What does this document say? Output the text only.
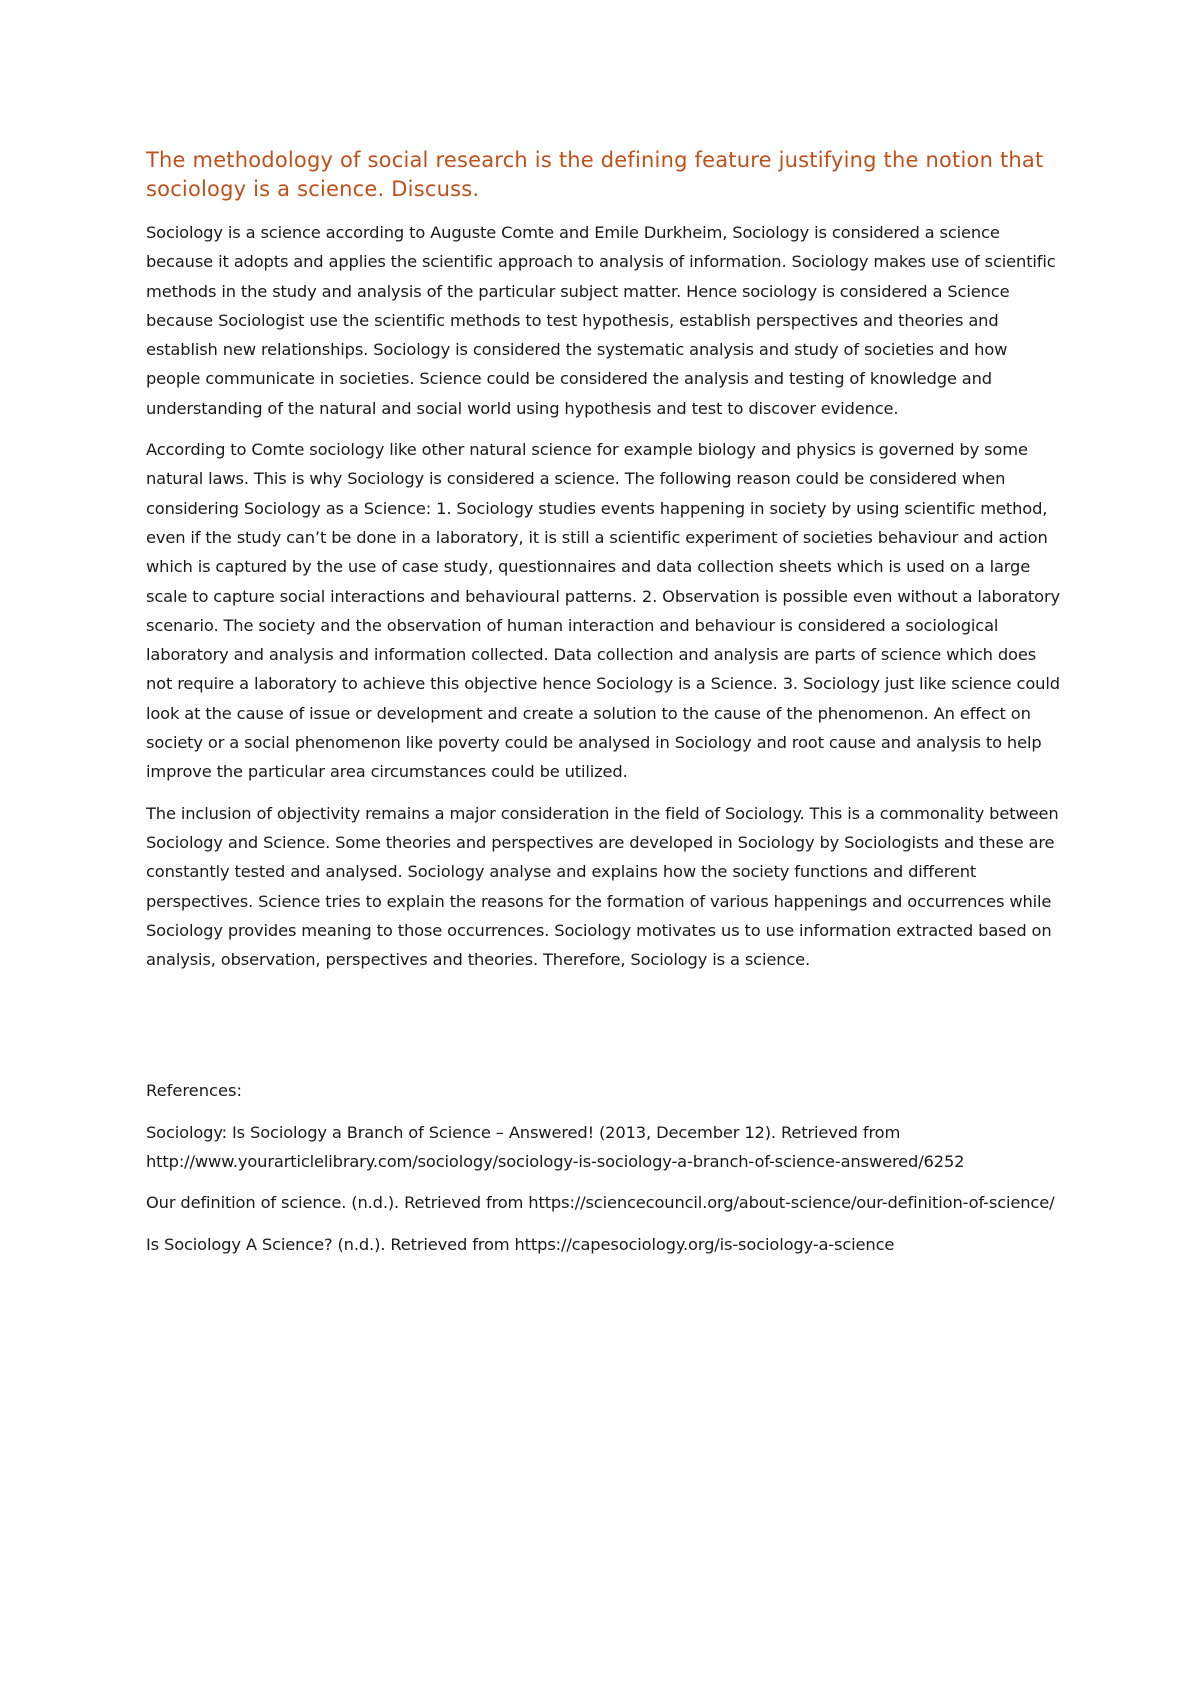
The methodology of social research is the defining feature justifying the notion that sociology is a science. Discuss.

Sociology is a science according to Auguste Comte and Emile Durkheim, Sociology is considered a science because it adopts and applies the scientific approach to analysis of information. Sociology makes use of scientific methods in the study and analysis of the particular subject matter. Hence sociology is considered a Science because Sociologist use the scientific methods to test hypothesis, establish perspectives and theories and establish new relationships. Sociology is considered the systematic analysis and study of societies and how people communicate in societies. Science could be considered the analysis and testing of knowledge and understanding of the natural and social world using hypothesis and test to discover evidence.

According to Comte sociology like other natural science for example biology and physics is governed by some natural laws. This is why Sociology is considered a science. The following reason could be considered when considering Sociology as a Science: 1. Sociology studies events happening in society by using scientific method, even if the study can’t be done in a laboratory, it is still a scientific experiment of societies behaviour and action which is captured by the use of case study, questionnaires and data collection sheets which is used on a large scale to capture social interactions and behavioural patterns. 2. Observation is possible even without a laboratory scenario. The society and the observation of human interaction and behaviour is considered a sociological laboratory and analysis and information collected. Data collection and analysis are parts of science which does not require a laboratory to achieve this objective hence Sociology is a Science. 3. Sociology just like science could look at the cause of issue or development and create a solution to the cause of the phenomenon. An effect on society or a social phenomenon like poverty could be analysed in Sociology and root cause and analysis to help improve the particular area circumstances could be utilized.

The inclusion of objectivity remains a major consideration in the field of Sociology. This is a commonality between Sociology and Science. Some theories and perspectives are developed in Sociology by Sociologists and these are constantly tested and analysed. Sociology analyse and explains how the society functions and different perspectives. Science tries to explain the reasons for the formation of various happenings and occurrences while Sociology provides meaning to those occurrences. Sociology motivates us to use information extracted based on analysis, observation, perspectives and theories. Therefore, Sociology is a science.

References:

Sociology: Is Sociology a Branch of Science – Answered! (2013, December 12). Retrieved from http://www.yourarticlelibrary.com/sociology/sociology-is-sociology-a-branch-of-science-answered/6252

Our definition of science. (n.d.). Retrieved from https://sciencecouncil.org/about-science/our-definition-of-science/

Is Sociology A Science? (n.d.). Retrieved from https://capesociology.org/is-sociology-a-science
